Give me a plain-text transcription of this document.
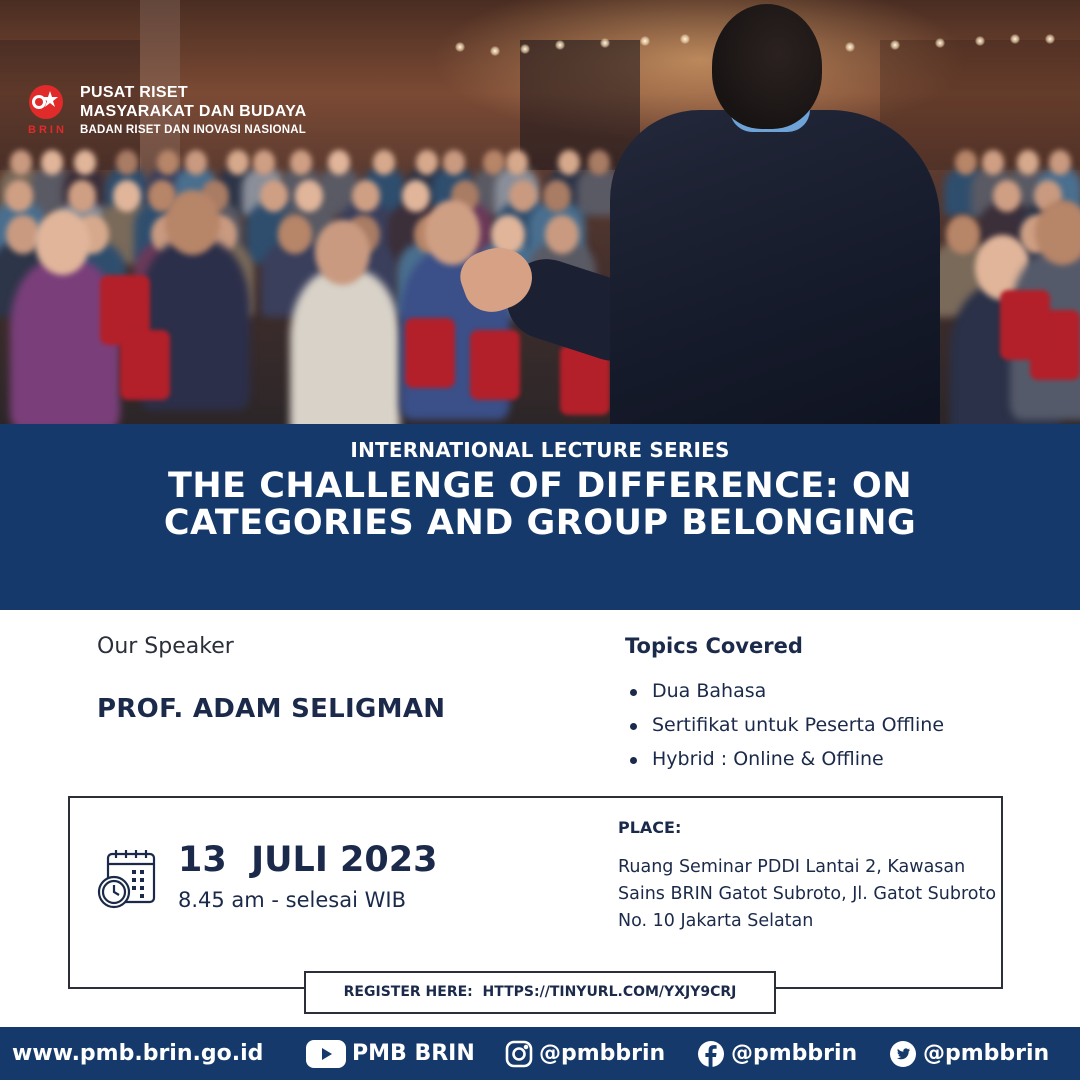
BRIN
PUSAT RISET
MASYARAKAT DAN BUDAYA
BADAN RISET DAN INOVASI NASIONAL
INTERNATIONAL LECTURE SERIES
THE CHALLENGE OF DIFFERENCE: ON CATEGORIES AND GROUP BELONGING
Our Speaker
PROF. ADAM SELIGMAN
Topics Covered
Dua Bahasa
Sertifikat untuk Peserta Offline
Hybrid : Online & Offline
13  JULI 2023
8.45 am - selesai WIB
PLACE:
Ruang Seminar PDDI Lantai 2, Kawasan Sains BRIN Gatot Subroto, Jl. Gatot Subroto No. 10 Jakarta Selatan
REGISTER HERE:  HTTPS://TINYURL.COM/YXJY9CRJ
www.pmb.brin.go.id	PMB BRIN	@pmbbrin	@pmbbrin	@pmbbrin
